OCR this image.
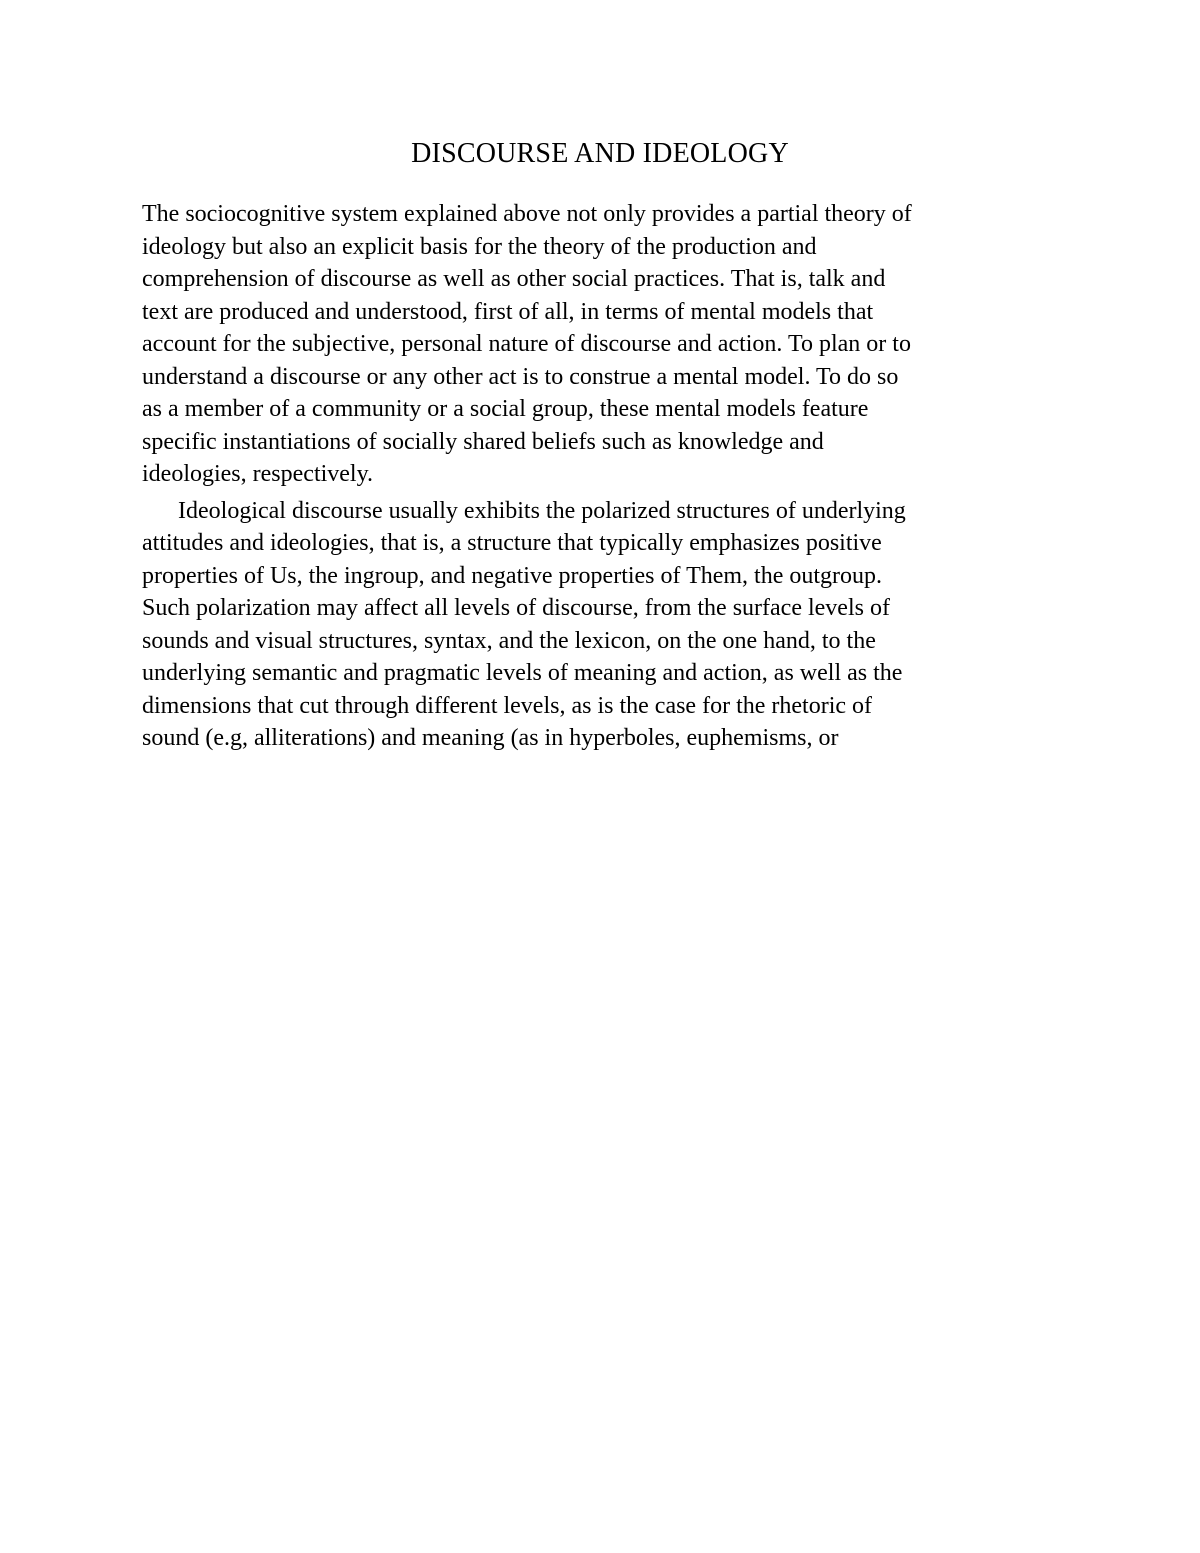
DISCOURSE AND IDEOLOGY

The sociocognitive system explained above not only provides a partial theory of
ideology but also an explicit basis for the theory of the production and
comprehension of discourse as well as other social practices. That is, talk and
text are produced and understood, first of all, in terms of mental models that
account for the subjective, personal nature of discourse and action. To plan or to
understand a discourse or any other act is to construe a mental model. To do so
as a member of a community or a social group, these mental models feature
specific instantiations of socially shared beliefs such as knowledge and
ideologies, respectively.

Ideological discourse usually exhibits the polarized structures of underlying
attitudes and ideologies, that is, a structure that typically emphasizes positive
properties of Us, the ingroup, and negative properties of Them, the outgroup.
Such polarization may affect all levels of discourse, from the surface levels of
sounds and visual structures, syntax, and the lexicon, on the one hand, to the
underlying semantic and pragmatic levels of meaning and action, as well as the
dimensions that cut through different levels, as is the case for the rhetoric of
sound (e.g, alliterations) and meaning (as in hyperboles, euphemisms, or
